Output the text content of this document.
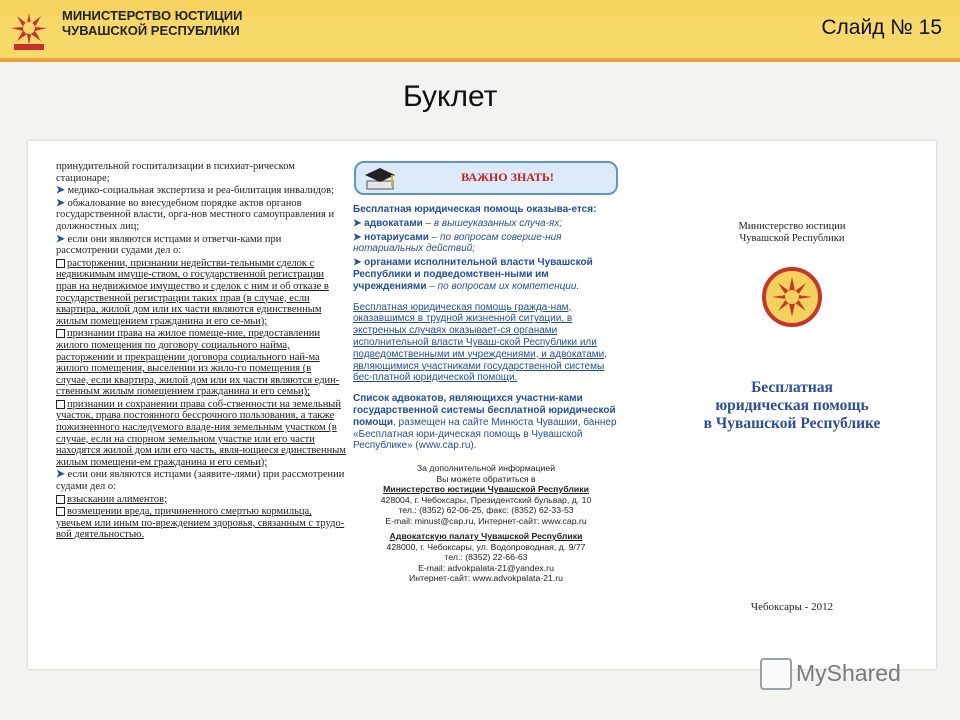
МИНИСТЕРСТВО ЮСТИЦИИ
ЧУВАШСКОЙ РЕСПУБЛИКИ	Слайд № 15
Буклет

принудительной госпитализации в психиат-рическом стационаре;

➤ медико-социальная экспертиза и реа-билитация инвалидов;

➤ обжалование во внесудебном порядке актов органов государственной власти, орга-нов местного самоуправления и должностных лиц;

➤ если они являются истцами и ответчи-ками при рассмотрении судами дел о:

расторжении, признании недействи-тельными сделок с недвижимым имуще-ством, о государственной регистрации прав на недвижимое имущество и сделок с ним и об отказе в государственной регистрации таких прав (в случае, если квартира, жилой дом или их части являются единственным жилым помещением гражданина и его се-мьи);

признании права на жилое помеще-ние, предоставлении жилого помещения по договору социального найма, расторжении и прекращении договора социального най-ма жилого помещения, выселении из жило-го помещения (в случае, если квартира, жилой дом или их части являются един-ственным жилым помещением гражданина и его семьи);

признании и сохранении права соб-ственности на земельный участок, права постоянного бессрочного пользования, а также пожизненного наследуемого владе-ния земельным участком (в случае, если на спорном земельном участке или его части находятся жилой дом или его часть, явля-ющиеся единственным жилым помещени-ем гражданина и его семьи);

➤ если они являются истцами (заявите-лями) при рассмотрении судами дел о:

взыскании алиментов;

возмещении вреда, причиненного смертью кормильца, увечьем или иным по-вреждением здоровья, связанным с трудо-вой деятельностью.

ВАЖНО ЗНАТЬ!

Бесплатная юридическая помощь оказыва-ется:

➤ адвокатами – в вышеуказанных случа-ях;

➤ нотариусами – по вопросам соверше-ния нотариальных действий;

➤ органами исполнительной власти Чувашской Республики и подведомствен-ными им учреждениями – по вопросам их компетенции.

Бесплатная юридическая помощь гражда-нам, оказавшимся в трудной жизненной ситуации, в экстренных случаях оказывает-ся органами исполнительной власти Чуваш-ской Республики или подведомственными им учреждениями, и адвокатами, являющимися участниками государственной системы бес-платной юридической помощи.

Список адвокатов, являющихся участни-ками государственной системы бесплатной юридической помощи, размещен на сайте Минюста Чувашии, баннер «Бесплатная юри-дическая помощь в Чувашской Республике» (www.cap.ru).

За дополнительной информацией
Вы можете обратиться в
Министерство юстиции Чувашской Республики
428004, г. Чебоксары, Президентский бульвар, д. 10
тел.: (8352) 62-06-25, факс: (8352) 62-33-53
E-mail: minust@cap.ru, Интернет-сайт: www.cap.ru
Адвокатскую палату Чувашской Республики
428000, г. Чебоксары, ул. Водопроводная, д. 9/77
тел.: (8352) 22-66-63
E-mail: advokpalata-21@yandex.ru
Интернет-сайт: www.advokpalata-21.ru
Министерство юстиции
Чувашской Республики
Бесплатная
юридическая помощь
в Чувашской Республике
Чебоксары - 2012
MyShared
